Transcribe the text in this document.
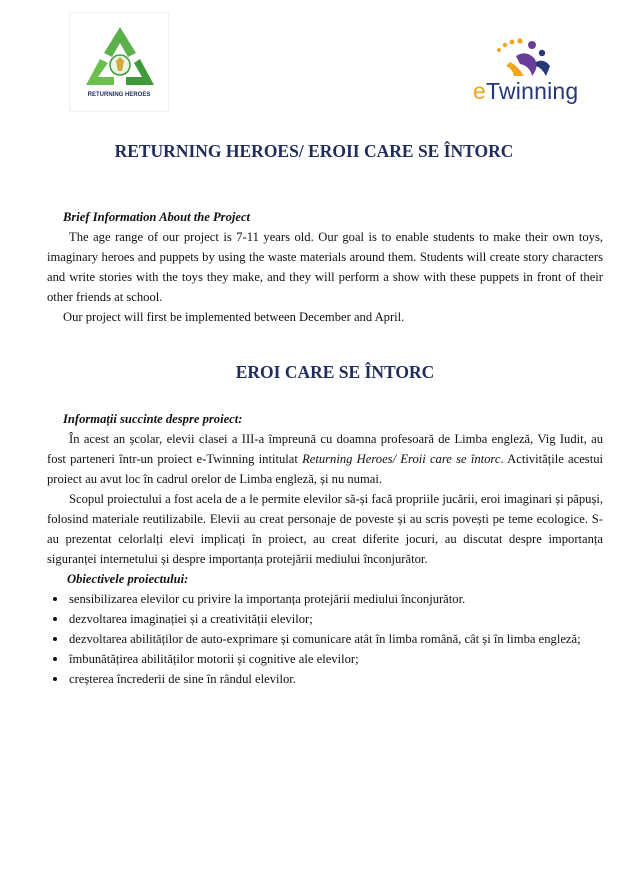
RETURNING HEROES	eTwinning
RETURNING HEROES/ EROII CARE SE ÎNTORC
Brief Information About the Project

The age range of our project is 7-11 years old. Our goal is to enable students to make their own toys, imaginary heroes and puppets by using the waste materials around them. Students will create story characters and write stories with the toys they make, and they will perform a show with these puppets in front of their other friends at school.

Our project will first be implemented between December and April.

EROI CARE SE ÎNTORC
Informații succinte despre proiect:

În acest an școlar, elevii clasei a III-a împreună cu doamna profesoară de Limba engleză, Vig Iudit, au fost parteneri într-un proiect e-Twinning intitulat Returning Heroes/ Eroii care se întorc. Activitățile acestui proiect au avut loc în cadrul orelor de Limba engleză, și nu numai.

Scopul proiectului a fost acela de a le permite elevilor să-și facă propriile jucării, eroi imaginari și păpuși, folosind materiale reutilizabile. Elevii au creat personaje de poveste și au scris povești pe teme ecologice. S-au prezentat celorlalți elevi implicați în proiect, au creat diferite jocuri, au discutat despre importanța siguranței internetului și despre importanța protejării mediului înconjurător.

Obiectivele proiectului:
sensibilizarea elevilor cu privire la importanța protejării mediului înconjurător.
dezvoltarea imaginației și a creativității elevilor;
dezvoltarea abilităților de auto-exprimare și comunicare atât în limba română, cât și în limba engleză;
îmbunătățirea abilităților motorii și cognitive ale elevilor;
creșterea încrederii de sine în rândul elevilor.
